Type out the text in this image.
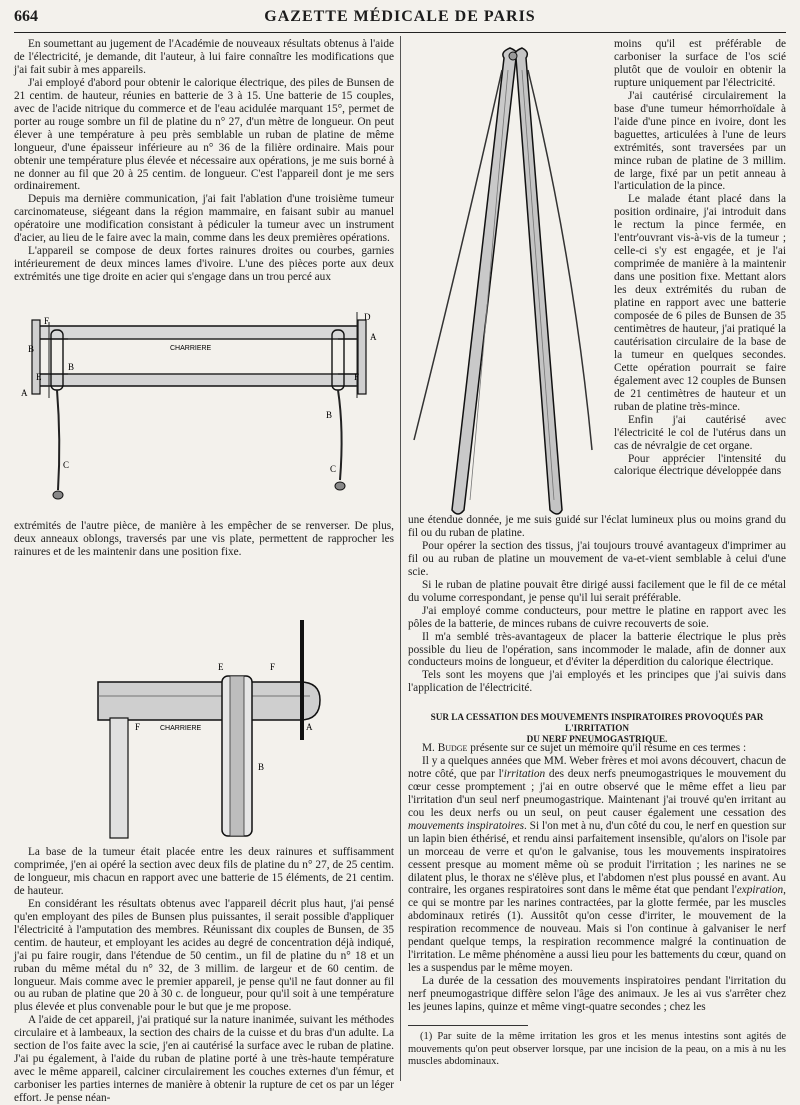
664	GAZETTE MÉDICALE DE PARIS

En soumettant au jugement de l'Académie de nouveaux résultats obtenus à l'aide de l'électricité, je demande, dit l'auteur, à lui faire connaître les modifications que j'ai fait subir à mes appareils.

J'ai employé d'abord pour obtenir le calorique électrique, des piles de Bunsen de 21 centim. de hauteur, réunies en batterie de 3 à 15. Une batterie de 15 couples, avec de l'acide nitrique du commerce et de l'eau acidulée marquant 15°, permet de porter au rouge sombre un fil de platine du n° 27, d'un mètre de longueur. On peut élever à une température à peu près semblable un ruban de platine de même longueur, d'une épaisseur inférieure au n° 36 de la filière ordinaire. Mais pour obtenir une température plus élevée et nécessaire aux opérations, je me suis borné à ne donner au fil que 20 à 25 centim. de longueur. C'est l'appareil dont je me sers ordinairement.

Depuis ma dernière communication, j'ai fait l'ablation d'une troisième tumeur carcinomateuse, siégeant dans la région mammaire, en faisant subir au manuel opératoire une modification consistant à pédiculer la tumeur avec un instrument d'acier, au lieu de le faire avec la main, comme dans les deux premières opérations.

L'appareil se compose de deux fortes rainures droites ou courbes, garnies intérieurement de deux minces lames d'ivoire. L'une des pièces porte aux deux extrémités une tige droite en acier qui s'engage dans un trou percé aux

CHARRIERE
A
A
B
B
B
C	C
D
E
F
F

extrémités de l'autre pièce, de manière à les empêcher de se renverser. De plus, deux anneaux oblongs, traversés par une vis plate, permettent de rapprocher les rainures et de les maintenir dans une position fixe.

CHARRIERE	A
B
E	F
F

La base de la tumeur était placée entre les deux rainures et suffisamment comprimée, j'en ai opéré la section avec deux fils de platine du n° 27, de 25 centim. de longueur, mis chacun en rapport avec une batterie de 15 éléments, de 21 centim. de hauteur.

En considérant les résultats obtenus avec l'appareil décrit plus haut, j'ai pensé qu'en employant des piles de Bunsen plus puissantes, il serait possible d'appliquer l'électricité à l'amputation des membres. Réunissant dix couples de Bunsen, de 35 centim. de hauteur, et employant les acides au degré de concentration déjà indiqué, j'ai pu faire rougir, dans l'étendue de 50 centim., un fil de platine du n° 18 et un ruban du même métal du n° 32, de 3 millim. de largeur et de 60 centim. de longueur. Mais comme avec le premier appareil, je pense qu'il ne faut donner au fil ou au ruban de platine que 20 à 30 c. de longueur, pour qu'il soit à une température plus élevée et plus convenable pour le but que je me propose.

A l'aide de cet appareil, j'ai pratiqué sur la nature inanimée, suivant les méthodes circulaire et à lambeaux, la section des chairs de la cuisse et du bras d'un adulte. La section de l'os faite avec la scie, j'en ai cautérisé la surface avec le ruban de platine. J'ai pu également, à l'aide du ruban de platine porté à une très-haute température avec le même appareil, calciner circulairement les couches externes d'un fémur, et carboniser les parties internes de manière à obtenir la rupture de cet os par un léger effort. Je pense néan-

moins qu'il est préférable de carboniser la surface de l'os scié plutôt que de vouloir en obtenir la rupture uniquement par l'électricité.

J'ai cautérisé circulairement la base d'une tumeur hémorrhoïdale à l'aide d'une pince en ivoire, dont les baguettes, articulées à l'une de leurs extrémités, sont traversées par un mince ruban de platine de 3 millim. de large, fixé par un petit anneau à l'articulation de la pince.

Le malade étant placé dans la position ordinaire, j'ai introduit dans le rectum la pince fermée, en l'entr'ouvrant vis-à-vis de la tumeur ; celle-ci s'y est engagée, et je l'ai comprimée de manière à la maintenir dans une position fixe. Mettant alors les deux extrémités du ruban de platine en rapport avec une batterie composée de 6 piles de Bunsen de 35 centimètres de hauteur, j'ai pratiqué la cautérisation circulaire de la base de la tumeur en quelques secondes. Cette opération pourrait se faire également avec 12 couples de Bunsen de 21 centimètres de hauteur et un ruban de platine très-mince.

Enfin j'ai cautérisé avec l'électricité le col de l'utérus dans un cas de névralgie de cet organe.

Pour apprécier l'intensité du calorique électrique développée dans

une étendue donnée, je me suis guidé sur l'éclat lumineux plus ou moins grand du fil ou du ruban de platine.

Pour opérer la section des tissus, j'ai toujours trouvé avantageux d'imprimer au fil ou au ruban de platine un mouvement de va-et-vient semblable à celui d'une scie.

Si le ruban de platine pouvait être dirigé aussi facilement que le fil de ce métal du volume correspondant, je pense qu'il lui serait préférable.

J'ai employé comme conducteurs, pour mettre le platine en rapport avec les pôles de la batterie, de minces rubans de cuivre recouverts de soie.

Il m'a semblé très-avantageux de placer la batterie électrique le plus près possible du lieu de l'opération, sans incommoder le malade, afin de donner aux conducteurs moins de longueur, et d'éviter la déperdition du calorique électrique.

Tels sont les moyens que j'ai employés et les principes que j'ai suivis dans l'application de l'électricité.

SUR LA CESSATION DES MOUVEMENTS INSPIRATOIRES PROVOQUÉS PAR L'IRRITATION
DU NERF PNEUMOGASTRIQUE.

M. Budge présente sur ce sujet un mémoire qu'il résume en ces termes :

Il y a quelques années que MM. Weber frères et moi avons découvert, chacun de notre côté, que par l'irritation des deux nerfs pneumogastriques le mouvement du cœur cesse promptement ; j'ai en outre observé que le même effet a lieu par l'irritation d'un seul nerf pneumogastrique. Maintenant j'ai trouvé qu'en irritant au cou les deux nerfs ou un seul, on peut causer également une cessation des mouvements inspiratoires. Si l'on met à nu, d'un côté du cou, le nerf en question sur un lapin bien éthérisé, et rendu ainsi parfaitement insensible, qu'alors on l'isole par un morceau de verre et qu'on le galvanise, tous les mouvements inspiratoires cessent presque au moment même où se produit l'irritation ; les narines ne se dilatent plus, le thorax ne s'élève plus, et l'abdomen n'est plus poussé en avant. Au contraire, les organes respiratoires sont dans le même état que pendant l'expiration, ce qui se montre par les narines contractées, par la glotte fermée, par les muscles abdominaux retirés (1). Aussitôt qu'on cesse d'irriter, le mouvement de la respiration recommence de nouveau. Mais si l'on continue à galvaniser le nerf pendant quelque temps, la respiration recommence malgré la continuation de l'irritation. Le même phénomène a aussi lieu pour les battements du cœur, quand on les a suspendus par le même moyen.

La durée de la cessation des mouvements inspiratoires pendant l'irritation du nerf pneumogastrique diffère selon l'âge des animaux. Je les ai vus s'arrêter chez les jeunes lapins, quinze et même vingt-quatre secondes ; chez les

(1) Par suite de la même irritation les gros et les menus intestins sont agités de mouvements qu'on peut observer lorsque, par une incision de la peau, on a mis à nu les muscles abdominaux.
